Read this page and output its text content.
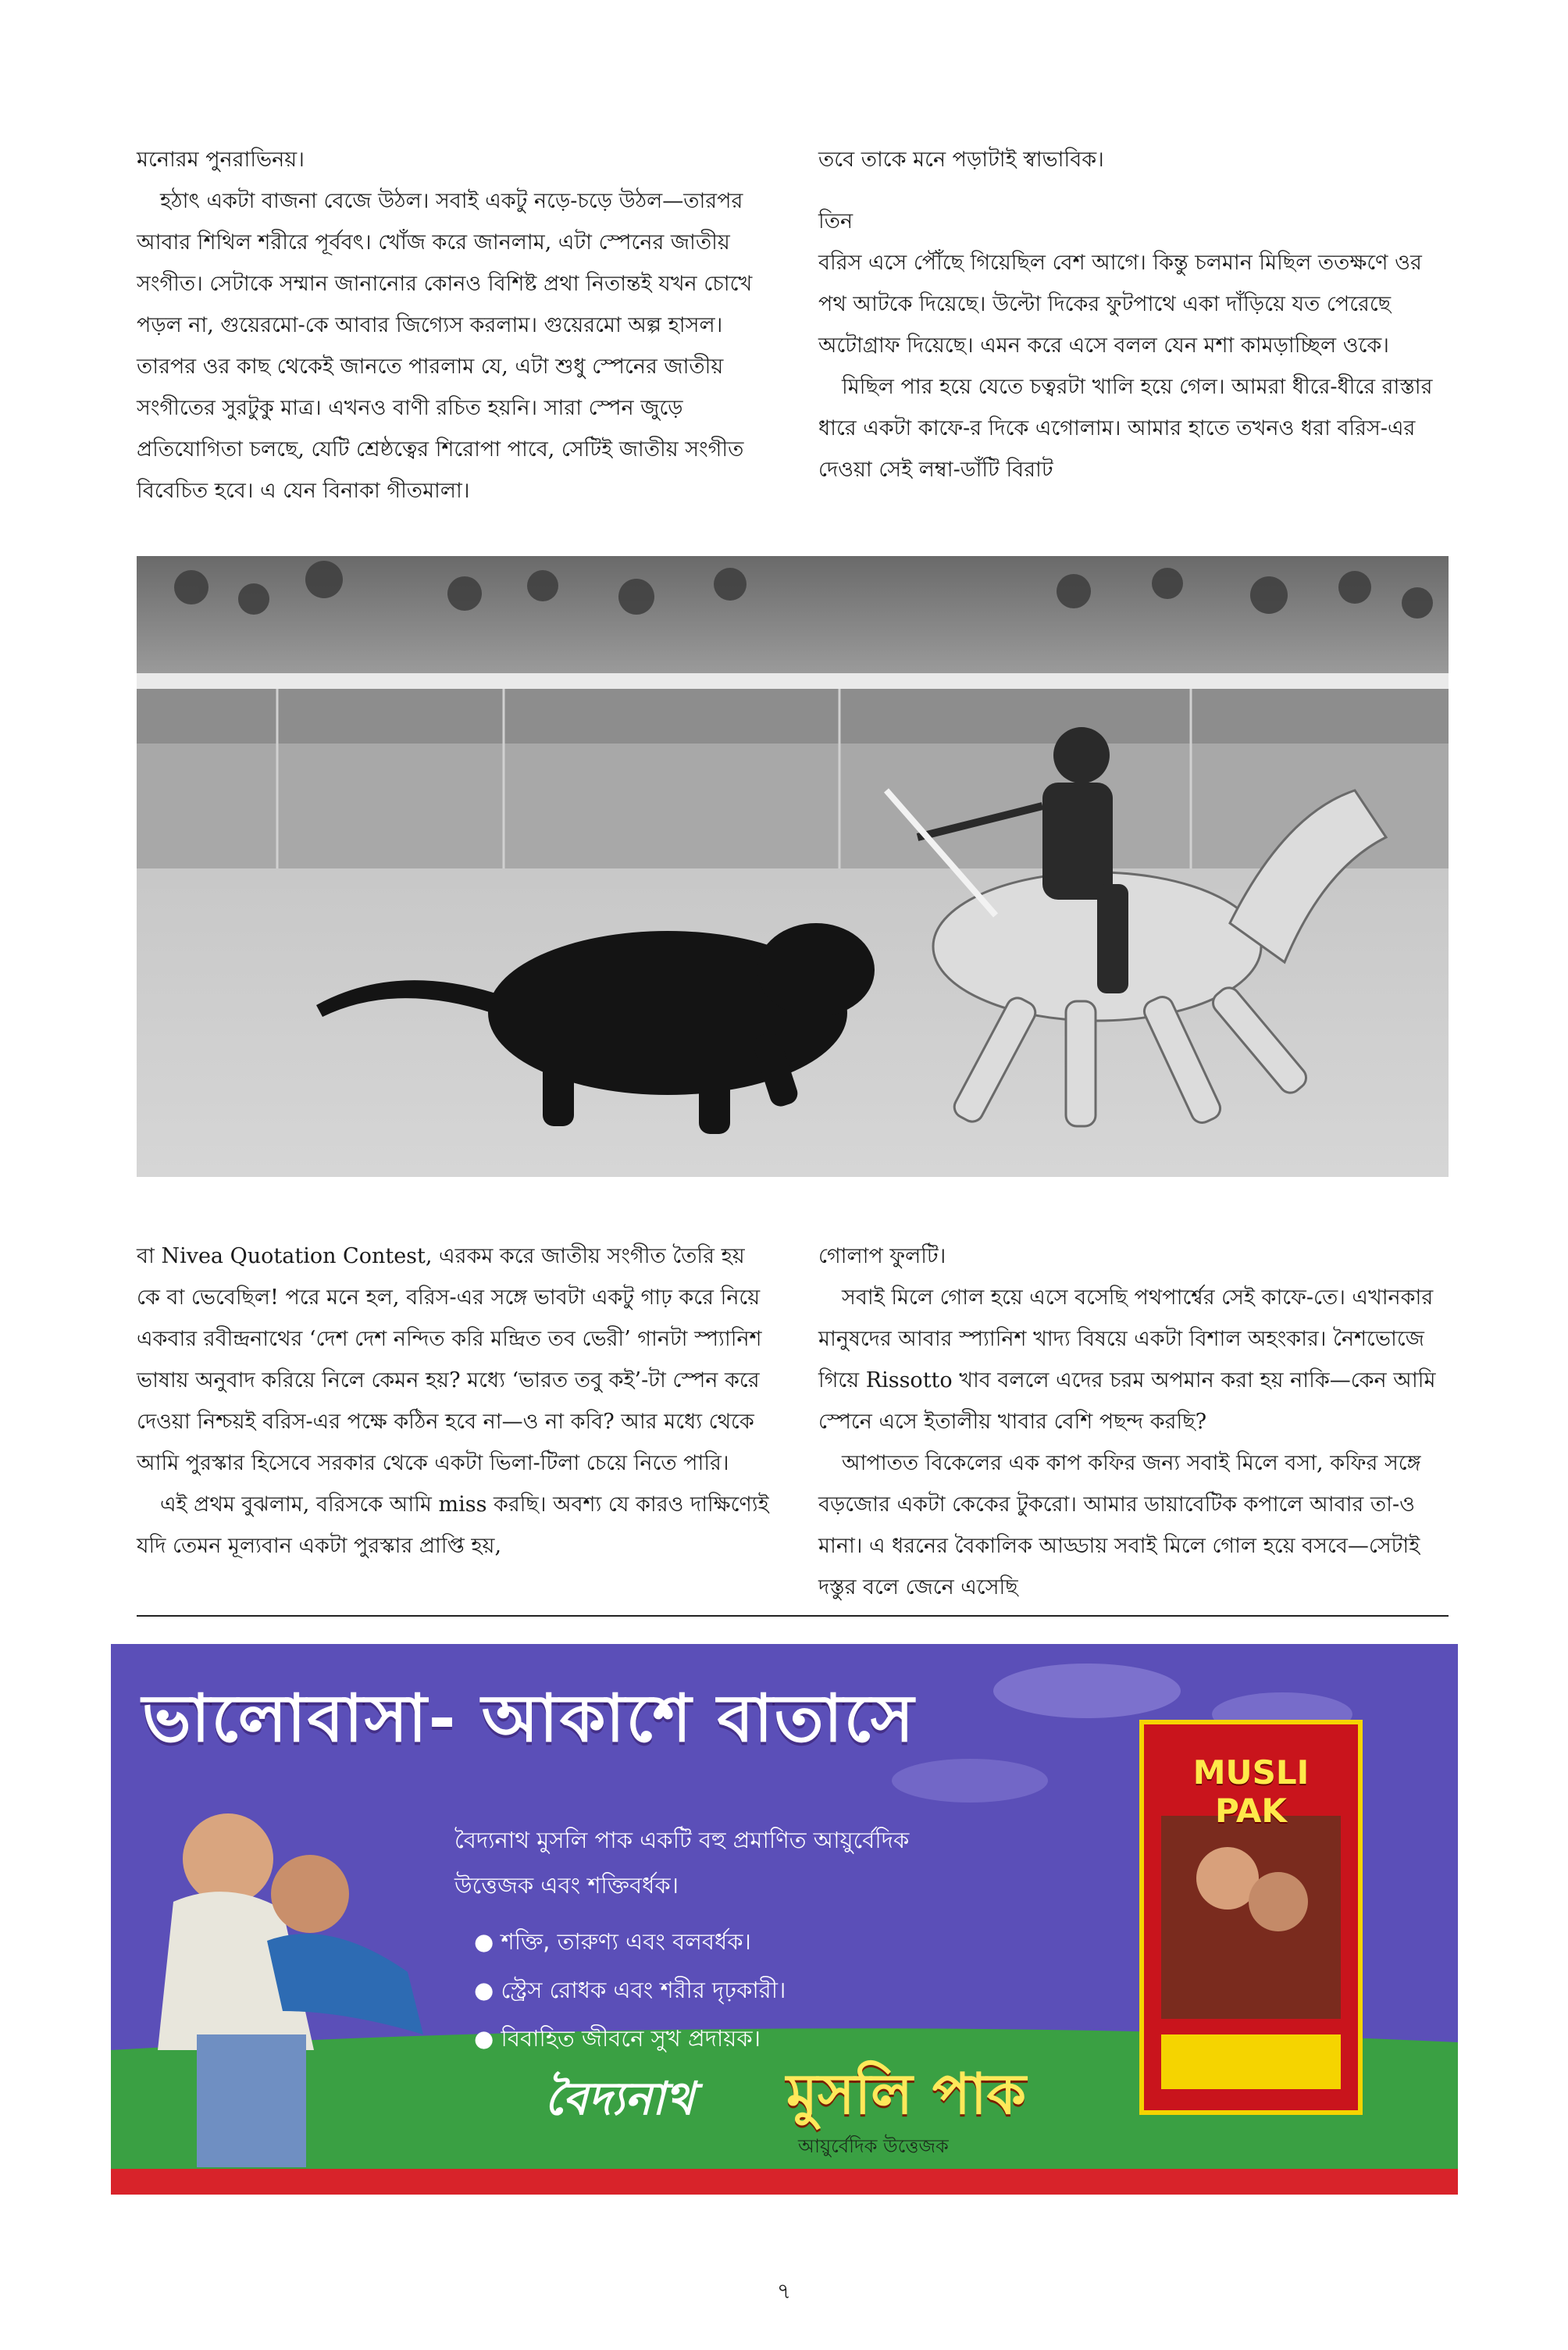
মনোরম পুনরাভিনয়।

হঠাৎ একটা বাজনা বেজে উঠল। সবাই একটু নড়ে-চড়ে উঠল—তারপর আবার শিথিল শরীরে পূর্ববৎ। খোঁজ করে জানলাম, এটা স্পেনের জাতীয় সংগীত। সেটাকে সম্মান জানানোর কোনও বিশিষ্ট প্রথা নিতান্তই যখন চোখে পড়ল না, গুয়েরমো-কে আবার জিগ্যেস করলাম। গুয়েরমো অল্প হাসল। তারপর ওর কাছ থেকেই জানতে পারলাম যে, এটা শুধু স্পেনের জাতীয় সংগীতের সুরটুকু মাত্র। এখনও বাণী রচিত হয়নি। সারা স্পেন জুড়ে প্রতিযোগিতা চলছে, যেটি শ্রেষ্ঠত্বের শিরোপা পাবে, সেটিই জাতীয় সংগীত বিবেচিত হবে। এ যেন বিনাকা গীতমালা।

তবে তাকে মনে পড়াটাই স্বাভাবিক।

তিন

বরিস এসে পৌঁছে গিয়েছিল বেশ আগে। কিন্তু চলমান মিছিল ততক্ষণে ওর পথ আটকে দিয়েছে। উল্টো দিকের ফুটপাথে একা দাঁড়িয়ে যত পেরেছে অটোগ্রাফ দিয়েছে। এমন করে এসে বলল যেন মশা কামড়াচ্ছিল ওকে।

মিছিল পার হয়ে যেতে চত্বরটা খালি হয়ে গেল। আমরা ধীরে-ধীরে রাস্তার ধারে একটা কাফে-র দিকে এগোলাম। আমার হাতে তখনও ধরা বরিস-এর দেওয়া সেই লম্বা-ডাঁটি বিরাট

বা Nivea Quotation Contest, এরকম করে জাতীয় সংগীত তৈরি হয় কে বা ভেবেছিল! পরে মনে হল, বরিস-এর সঙ্গে ভাবটা একটু গাঢ় করে নিয়ে একবার রবীন্দ্রনাথের ‘দেশ দেশ নন্দিত করি মন্দ্রিত তব ভেরী’ গানটা স্প্যানিশ ভাষায় অনুবাদ করিয়ে নিলে কেমন হয়? মধ্যে ‘ভারত তবু কই’-টা স্পেন করে দেওয়া নিশ্চয়ই বরিস-এর পক্ষে কঠিন হবে না—ও না কবি? আর মধ্যে থেকে আমি পুরস্কার হিসেবে সরকার থেকে একটা ভিলা-টিলা চেয়ে নিতে পারি।

এই প্রথম বুঝলাম, বরিসকে আমি miss করছি। অবশ্য যে কারও দাক্ষিণ্যেই যদি তেমন মূল্যবান একটা পুরস্কার প্রাপ্তি হয়,

গোলাপ ফুলটি।

সবাই মিলে গোল হয়ে এসে বসেছি পথপার্শ্বের সেই কাফে-তে। এখানকার মানুষদের আবার স্প্যানিশ খাদ্য বিষয়ে একটা বিশাল অহংকার। নৈশভোজে গিয়ে Rissotto খাব বললে এদের চরম অপমান করা হয় নাকি—কেন আমি স্পেনে এসে ইতালীয় খাবার বেশি পছন্দ করছি?

আপাতত বিকেলের এক কাপ কফির জন্য সবাই মিলে বসা, কফির সঙ্গে বড়জোর একটা কেকের টুকরো। আমার ডায়াবেটিক কপালে আবার তা-ও মানা। এ ধরনের বৈকালিক আড্ডায় সবাই মিলে গোল হয়ে বসবে—সেটাই দস্তুর বলে জেনে এসেছি

ভালোবাসা- আকাশে বাতাসে
বৈদ্যনাথ মুসলি পাক একটি বহু প্রমাণিত আয়ুর্বেদিক উত্তেজক এবং শক্তিবর্ধক।
● শক্তি, তারুণ্য এবং বলবর্ধক।
● স্ট্রেস রোধক এবং শরীর দৃঢ়কারী।
● বিবাহিত জীবনে সুখ প্রদায়ক।
বৈদ্যনাথ মুসলি পাক
আয়ুর্বেদিক উত্তেজক
MUSLI PAK
৭
